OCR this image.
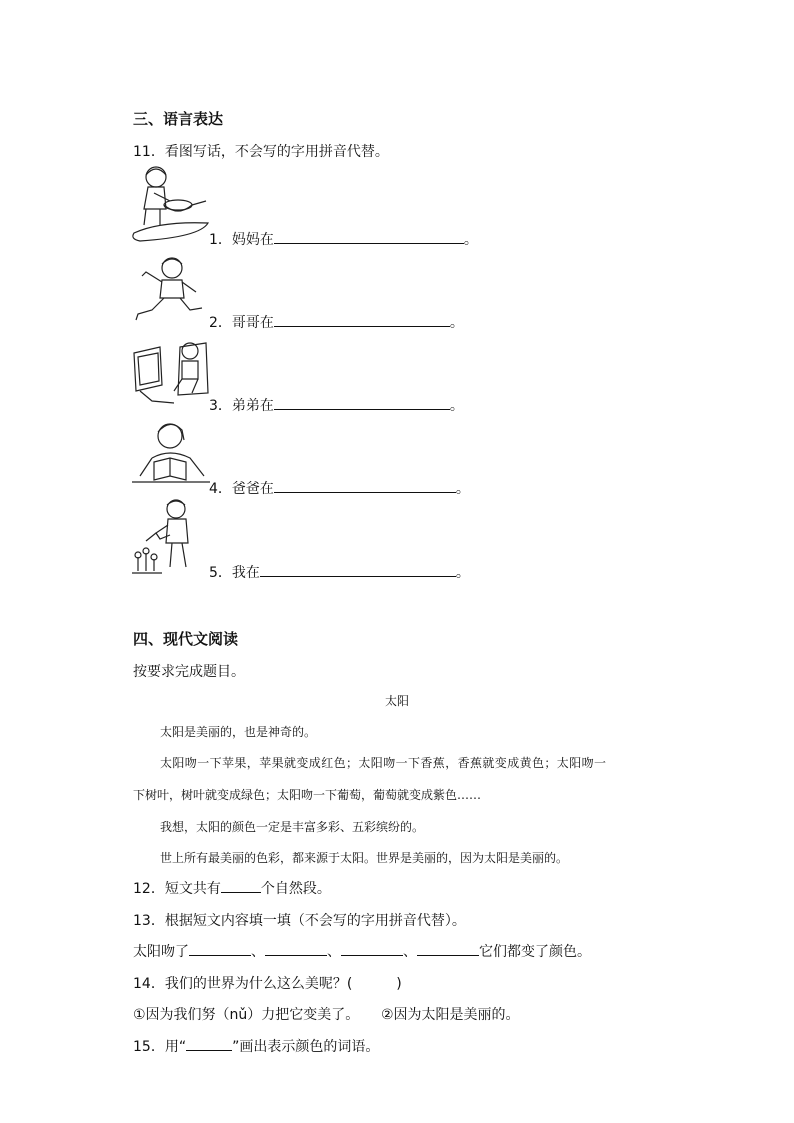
三、语言表达
11．看图写话，不会写的字用拼音代替。
1．妈妈在	。
2．哥哥在	。
3．弟弟在	。
4．爸爸在	。
5．我在	。
四、现代文阅读
按要求完成题目。
太阳
太阳是美丽的，也是神奇的。
太阳吻一下苹果，苹果就变成红色；太阳吻一下香蕉，香蕉就变成黄色；太阳吻一
下树叶，树叶就变成绿色；太阳吻一下葡萄，葡萄就变成紫色……
我想，太阳的颜色一定是丰富多彩、五彩缤纷的。
世上所有最美丽的色彩，都来源于太阳。世界是美丽的，因为太阳是美丽的。
12．短文共有	个自然段。
13．根据短文内容填一填（不会写的字用拼音代替）。
太阳吻了	、	、	、	它们都变了颜色。
14．我们的世界为什么这么美呢？(	)
①因为我们努（nǔ）力把它变美了。 ②因为太阳是美丽的。
15．用“	”画出表示颜色的词语。
